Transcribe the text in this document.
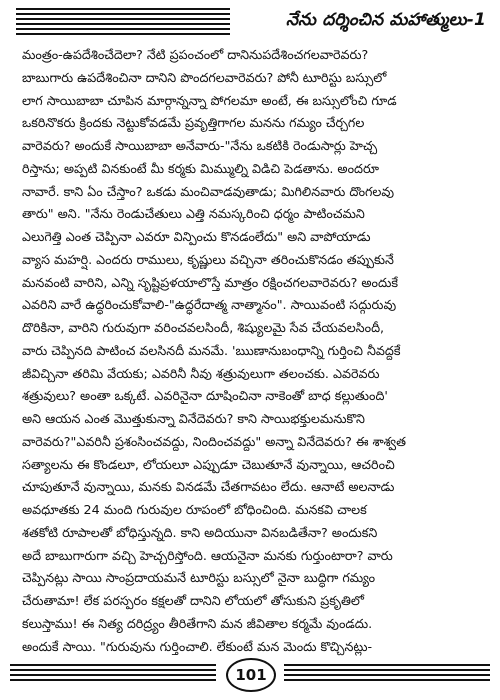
నేను దర్శించిన మహాత్ములు-1
మంత్రం-ఉపదేశించేదెలా? నేటి ప్రపంచంలో దానినుపదేశించగలవారెవరు?
బాబుగారు ఉపదేశించినా దానిని పొందగలవారెవరు? పోనీ టూరిస్టు బస్సులో
లాగ సాయిబాబా చూపిన మార్గాన్నన్నా పోగలమా అంటే, ఈ బస్సులోంచి గూడ
ఒకరినొకరు క్రిందకు నెట్టుకోవడమే ప్రవృత్తిగాగల మనను గమ్యం చేర్చగల
వారెవరు? అందుకే సాయిబాబా అనేవారు-"నేను ఒకటికి రెండుసార్లు హెచ్చ
రిస్తాను; అప్పటి వినకుంటే మీ కర్మకు మిమ్ముల్ని విడిచి పెడతాను. అందరూ
నావారే. కాని ఏం చేస్తాం? ఒకడు మంచివాడవుతాడు; మిగిలినవారు దొంగలవు
తారు" అని. "నేను రెండుచేతులు ఎత్తి నమస్కరించి ధర్మం పాటించమని
ఎలుగెత్తి ఎంత చెప్పినా ఎవరూ విన్పించు కొనడంలేదు" అని వాపోయాడు
వ్యాస మహర్షి. ఎందరు రాములు, కృష్ణులు వచ్చినా తరించుకొనడం తప్పుకునే
మనవంటి వారిని, ఎన్ని సృష్టిప్రళయాలొస్తే మాత్రం రక్షించగలవారెవరు? అందుకే
ఎవరిని వారే ఉద్ధరించుకోవాలి-"ఉద్ధరేదాత్మ నాత్మానం". సాయివంటి సద్గురువు
దొరికినా, వారిని గురువుగా వరించవలసిందీ, శిష్యులమై సేవ చేయవలసిందీ,
వారు చెప్పినది పాటించ వలసినదీ మనమే. 'ఋణానుబంధాన్ని గుర్తించి నీవద్దకే
జీవిచ్చినా తరిమి వేయకు; ఎవరినీ నీవు శత్రువులుగా తలంచకు. ఎవరెవరు
శత్రువులు? అంతా ఒక్కటే. ఎవరినైనా దూషించినా నాకెంతో బాధ కల్లుతుంది'
అని ఆయన ఎంత మొత్తుకున్నా వినేదెవరు? కాని సాయిభక్తులమనుకొని
వారెవరు?"ఎవరినీ ప్రశంసించవద్దు, నిందించవద్దు" అన్నా వినేదెవరు? ఈ శాశ్వత
సత్యాలను ఈ కొండలూ, లోయలూ ఎప్పుడూ చెబుతూనే వున్నాయి, ఆచరించి
చూపుతూనే వున్నాయి, మనకు వినడమే చేతగావటం లేదు. ఆనాటే అలనాడు
అవధూతకు 24 మంది గురువుల రూపంలో బోధించింది. మనకవి చాలక
శతకోటి రూపాలతో బోధిస్తున్నది. కాని అదియునా వినబడితేనా? అందుకని
అదే బాబుగారుగా వచ్చి హెచ్చరిస్తోంది. ఆయనైనా మనకు గుర్తుంటారా? వారు
చెప్పినట్లు సాయి సాంప్రదాయమనే టూరిస్టు బస్సులో నైనా బుద్ధిగా గమ్యం
చేరుతామా! లేక పరస్పరం కక్షలతో దానిని లోయలో తోసుకుని ప్రకృతిలో
కలుస్తాము! ఈ నిత్య దరిద్ర్యం తీరితేగాని మన జీవితాల కర్మమే వుండదు.
అందుకే సాయి. "గురువును గుర్తించాలి. లేకుంటే మన మెందు కొచ్చినట్లు-
101
